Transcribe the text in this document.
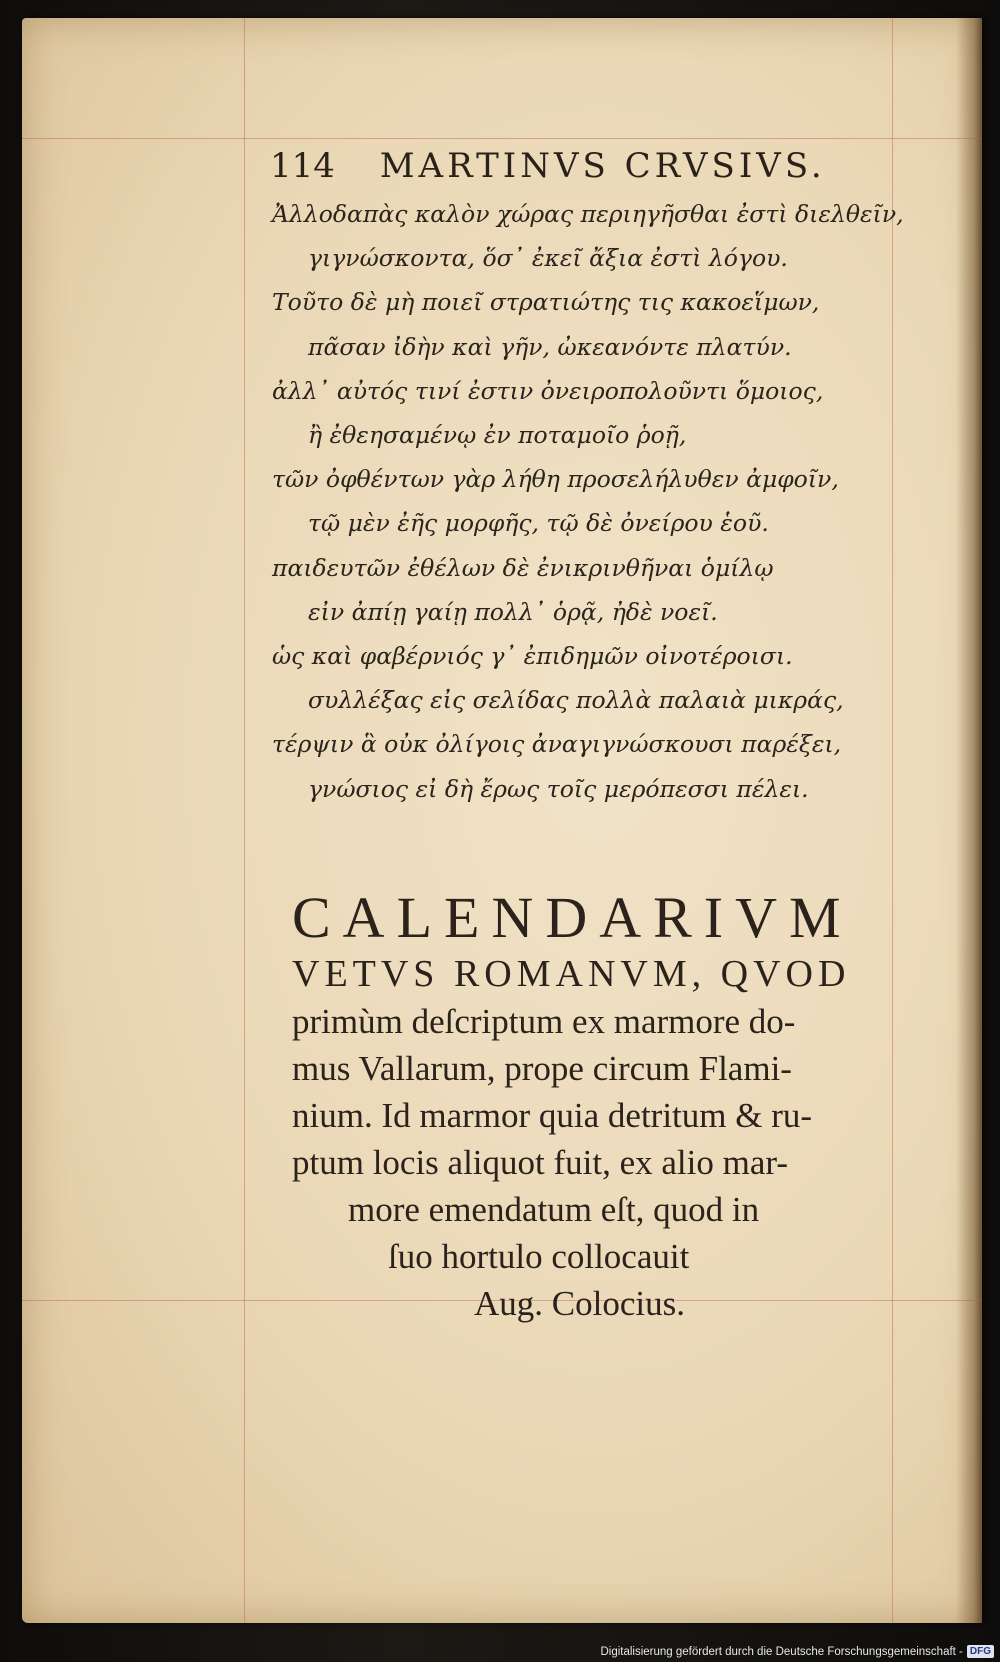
114 MARTINVS CRVSIVS.
Ἀλλοδαπὰς καλὸν χώρας περιηγῆσθαι ἐστὶ διελθεῖν,
γιγνώσκοντα, ὅσ᾽ ἐκεῖ ἄξια ἐστὶ λόγου.
Τοῦτο δὲ μὴ ποιεῖ στρατιώτης τις κακοεἵμων,
πᾶσαν ἰδὴν καὶ γῆν, ὠκεανόντε πλατύν.
ἀλλ᾽ αὐτός τινί ἐστιν ὀνειροπολοῦντι ὅμοιος,
ἢ ἐθεησαμένῳ ἐν ποταμοῖο ῥοῇ,
τῶν ὀφθέντων γὰρ λήθη προσελήλυθεν ἀμφοῖν,
τῷ μὲν ἐῆς μορφῆς, τῷ δὲ ὀνείρου ἑοῦ.
παιδευτῶν ἐθέλων δὲ ἐνικρινθῆναι ὁμίλῳ
εἰν ἀπίῃ γαίῃ πολλ᾽ ὁρᾷ, ἠδὲ νοεῖ.
ὡς καὶ φαβέρνιός γ᾽ ἐπιδημῶν οἰνοτέροισι.
συλλέξας εἰς σελίδας πολλὰ παλαιὰ μικράς,
τέρψιν ἃ οὐκ ὀλίγοις ἀναγιγνώσκουσι παρέξει,
γνώσιος εἰ δὴ ἔρως τοῖς μερόπεσσι πέλει.
CALENDARIVM
VETVS ROMANVM, QVOD
primùm deſcriptum ex marmore do-
mus Vallarum, prope circum Flami-
nium. Id marmor quia detritum & ru-
ptum locis aliquot fuit, ex alio mar-
more emendatum eſt, quod in
ſuo hortulo collocauit
Aug. Colocius.
Digitalisierung gefördert durch die Deutsche Forschungsgemeinschaft - DFG
